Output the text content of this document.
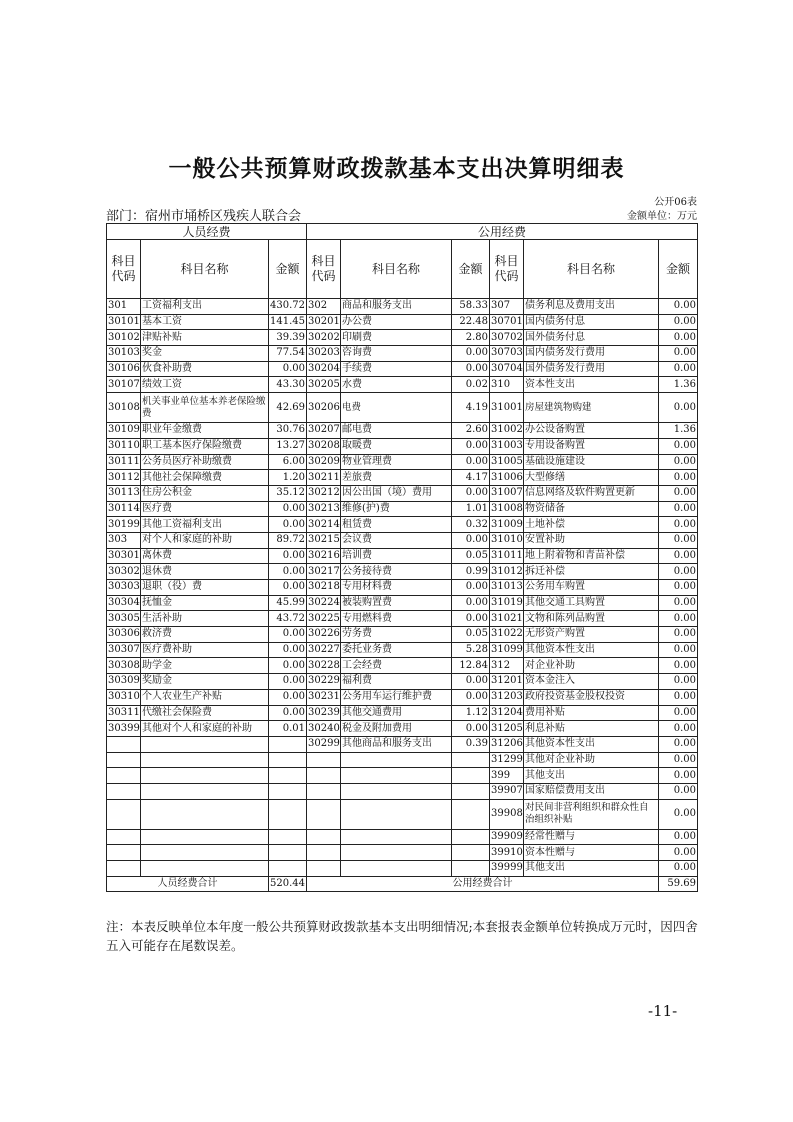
一般公共预算财政拨款基本支出决算明细表
公开06表
部门：宿州市埇桥区残疾人联合会	金额单位：万元
人员经费			公用经费					
科目代码	科目名称	金额	科目代码	科目名称	金额	科目代码	科目名称	金额
301	工资福利支出	430.72	302	商品和服务支出	58.33	307	债务利息及费用支出	0.00
30101	基本工资	141.45	30201	办公费	22.48	30701	国内债务付息	0.00
30102	津贴补贴	39.39	30202	印刷费	2.80	30702	国外债务付息	0.00
30103	奖金	77.54	30203	咨询费	0.00	30703	国内债务发行费用	0.00
30106	伙食补助费	0.00	30204	手续费	0.00	30704	国外债务发行费用	0.00
30107	绩效工资	43.30	30205	水费	0.02	310	资本性支出	1.36
30108	机关事业单位基本养老保险缴费	42.69	30206	电费	4.19	31001	房屋建筑物购建	0.00
30109	职业年金缴费	30.76	30207	邮电费	2.60	31002	办公设备购置	1.36
30110	职工基本医疗保险缴费	13.27	30208	取暖费	0.00	31003	专用设备购置	0.00
30111	公务员医疗补助缴费	6.00	30209	物业管理费	0.00	31005	基础设施建设	0.00
30112	其他社会保障缴费	1.20	30211	差旅费	4.17	31006	大型修缮	0.00
30113	住房公积金	35.12	30212	因公出国（境）费用	0.00	31007	信息网络及软件购置更新	0.00
30114	医疗费	0.00	30213	维修(护)费	1.01	31008	物资储备	0.00
30199	其他工资福利支出	0.00	30214	租赁费	0.32	31009	土地补偿	0.00
303	对个人和家庭的补助	89.72	30215	会议费	0.00	31010	安置补助	0.00
30301	离休费	0.00	30216	培训费	0.05	31011	地上附着物和青苗补偿	0.00
30302	退休费	0.00	30217	公务接待费	0.99	31012	拆迁补偿	0.00
30303	退职（役）费	0.00	30218	专用材料费	0.00	31013	公务用车购置	0.00
30304	抚恤金	45.99	30224	被装购置费	0.00	31019	其他交通工具购置	0.00
30305	生活补助	43.72	30225	专用燃料费	0.00	31021	文物和陈列品购置	0.00
30306	救济费	0.00	30226	劳务费	0.05	31022	无形资产购置	0.00
30307	医疗费补助	0.00	30227	委托业务费	5.28	31099	其他资本性支出	0.00
30308	助学金	0.00	30228	工会经费	12.84	312	对企业补助	0.00
30309	奖励金	0.00	30229	福利费	0.00	31201	资本金注入	0.00
30310	个人农业生产补贴	0.00	30231	公务用车运行维护费	0.00	31203	政府投资基金股权投资	0.00
30311	代缴社会保险费	0.00	30239	其他交通费用	1.12	31204	费用补贴	0.00
30399	其他对个人和家庭的补助	0.01	30240	税金及附加费用	0.00	31205	利息补贴	0.00
			30299	其他商品和服务支出	0.39	31206	其他资本性支出	0.00
						31299	其他对企业补助	0.00
						399	其他支出	0.00
						39907	国家赔偿费用支出	0.00
						39908	对民间非营利组织和群众性自治组织补贴	0.00
						39909	经常性赠与	0.00
						39910	资本性赠与	0.00
						39999	其他支出	0.00
人员经费合计		520.44	公用经费合计					59.69
注：本表反映单位本年度一般公共预算财政拨款基本支出明细情况;本套报表金额单位转换成万元时，因四舍五入可能存在尾数误差。
-11-
